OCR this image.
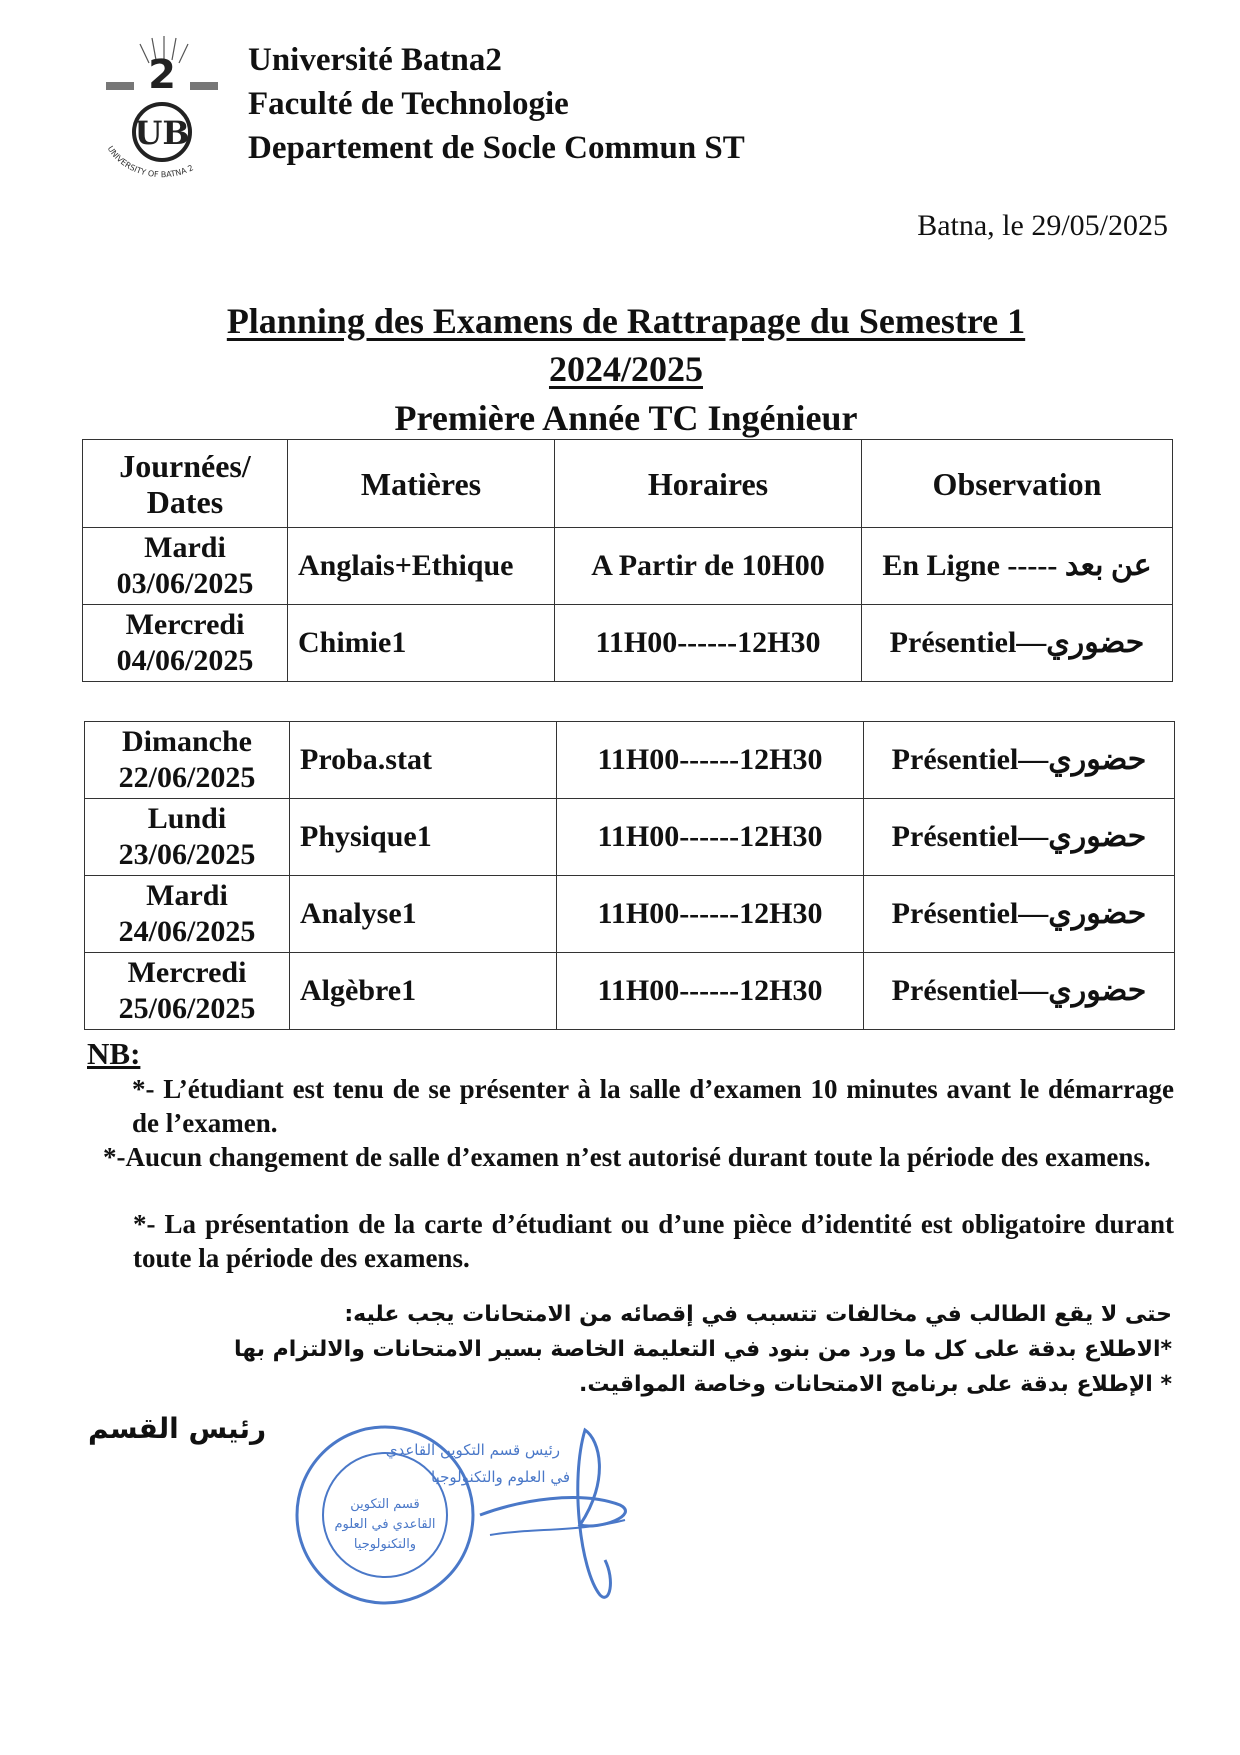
2
UB
UNIVERSITY OF BATNA 2
Université Batna2
Faculté de Technologie
Departement de Socle Commun ST
Batna, le 29/05/2025
Planning des Examens de Rattrapage du Semestre 1
2024/2025
Première Année TC Ingénieur
Journées/
Dates	Matières	Horaires	Observation

Mardi
03/06/2025	Anglais+Ethique	A Partir de 10H00	En Ligne ----- عن بعد

Mercredi
04/06/2025	Chimie1	11H00------12H30	Présentiel—حضوري
Dimanche
22/06/2025	Proba.stat	11H00------12H30	Présentiel—حضوري

Lundi
23/06/2025	Physique1	11H00------12H30	Présentiel—حضوري

Mardi
24/06/2025	Analyse1	11H00------12H30	Présentiel—حضوري

Mercredi
25/06/2025	Algèbre1	11H00------12H30	Présentiel—حضوري
NB:
*- L’étudiant est tenu de se présenter à la salle d’examen 10 minutes avant le démarrage de l’examen.
*-Aucun changement de salle d’examen n’est autorisé durant toute la période des examens.
*- La présentation de la carte d’étudiant ou d’une pièce d’identité est obligatoire durant toute la période des examens.
حتى لا يقع الطالب في مخالفات تتسبب في إقصائه من الامتحانات يجب عليه:
*الاطلاع بدقة على كل ما ورد من بنود في التعليمة الخاصة بسير الامتحانات والالتزام بها
* الإطلاع بدقة على برنامج الامتحانات وخاصة المواقيت.
رئيس القسم
قسم التكوين
القاعدي في العلوم
والتكنولوجيا
رئيس قسم التكوين القاعدي
في العلوم والتكنولوجيا
